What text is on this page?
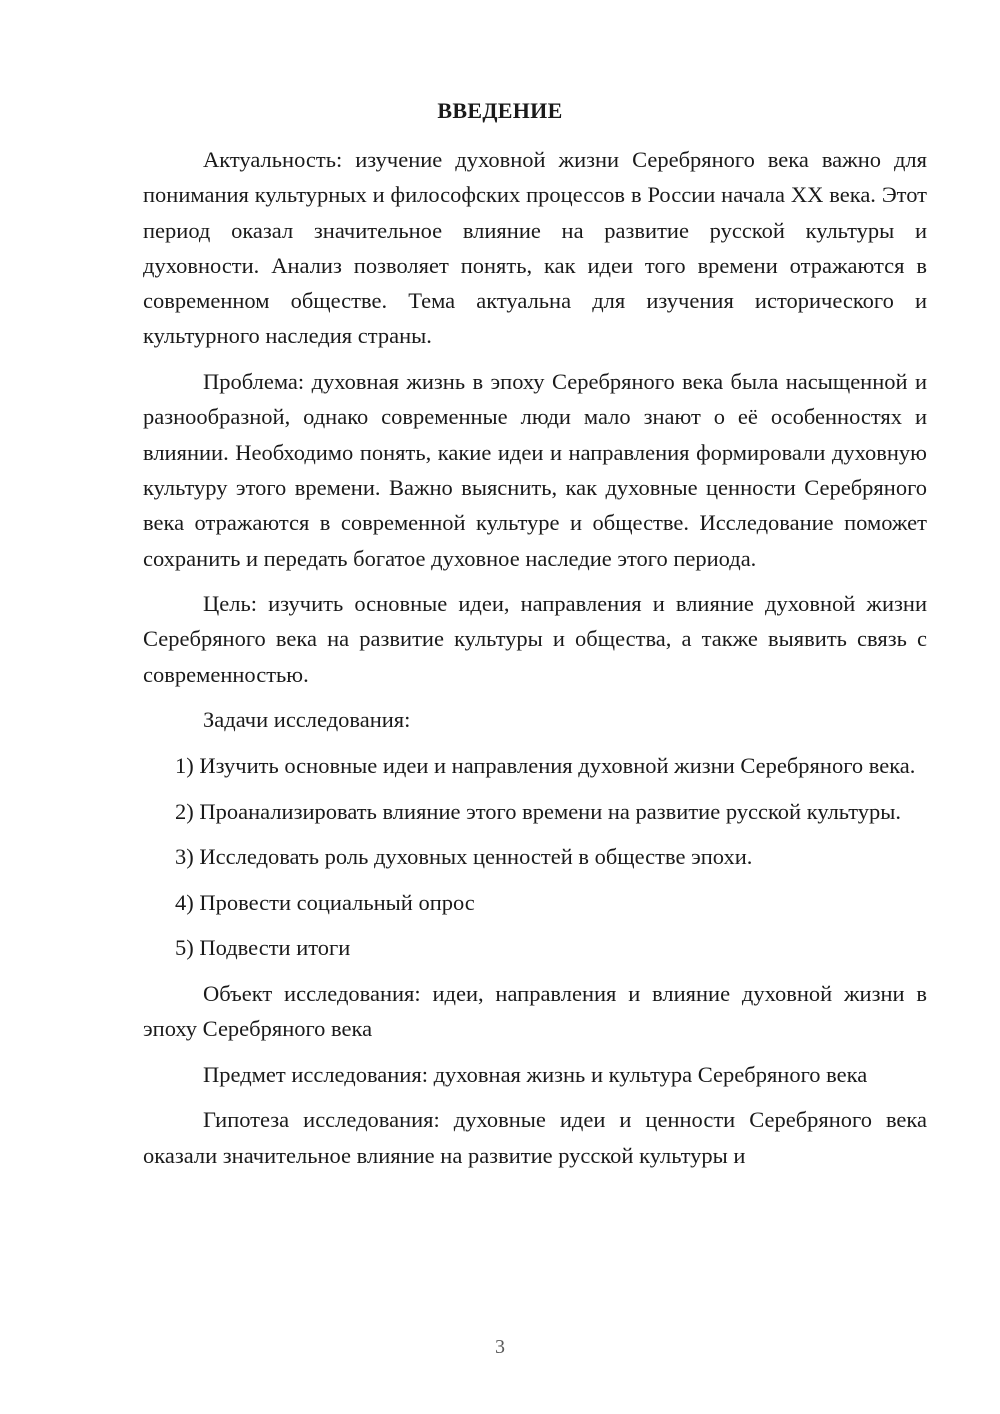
ВВЕДЕНИЕ

Актуальность: изучение духовной жизни Серебряного века важно для понимания культурных и философских процессов в России начала XX века. Этот период оказал значительное влияние на развитие русской культуры и духовности. Анализ позволяет понять, как идеи того времени отражаются в современном обществе. Тема актуальна для изучения исторического и культурного наследия страны.

Проблема: духовная жизнь в эпоху Серебряного века была насыщенной и разнообразной, однако современные люди мало знают о её особенностях и влиянии. Необходимо понять, какие идеи и направления формировали духовную культуру этого времени. Важно выяснить, как духовные ценности Серебряного века отражаются в современной культуре и обществе. Исследование поможет сохранить и передать богатое духовное наследие этого периода.

Цель: изучить основные идеи, направления и влияние духовной жизни Серебряного века на развитие культуры и общества, а также выявить связь с современностью.

Задачи исследования:

1) Изучить основные идеи и направления духовной жизни Серебряного века.

2) Проанализировать влияние этого времени на развитие русской культуры.

3) Исследовать роль духовных ценностей в обществе эпохи.

4) Провести социальный опрос

5) Подвести итоги

Объект исследования: идеи, направления и влияние духовной жизни в эпоху Серебряного века

Предмет исследования: духовная жизнь и культура Серебряного века

Гипотеза исследования: духовные идеи и ценности Серебряного века оказали значительное влияние на развитие русской культуры и

3
